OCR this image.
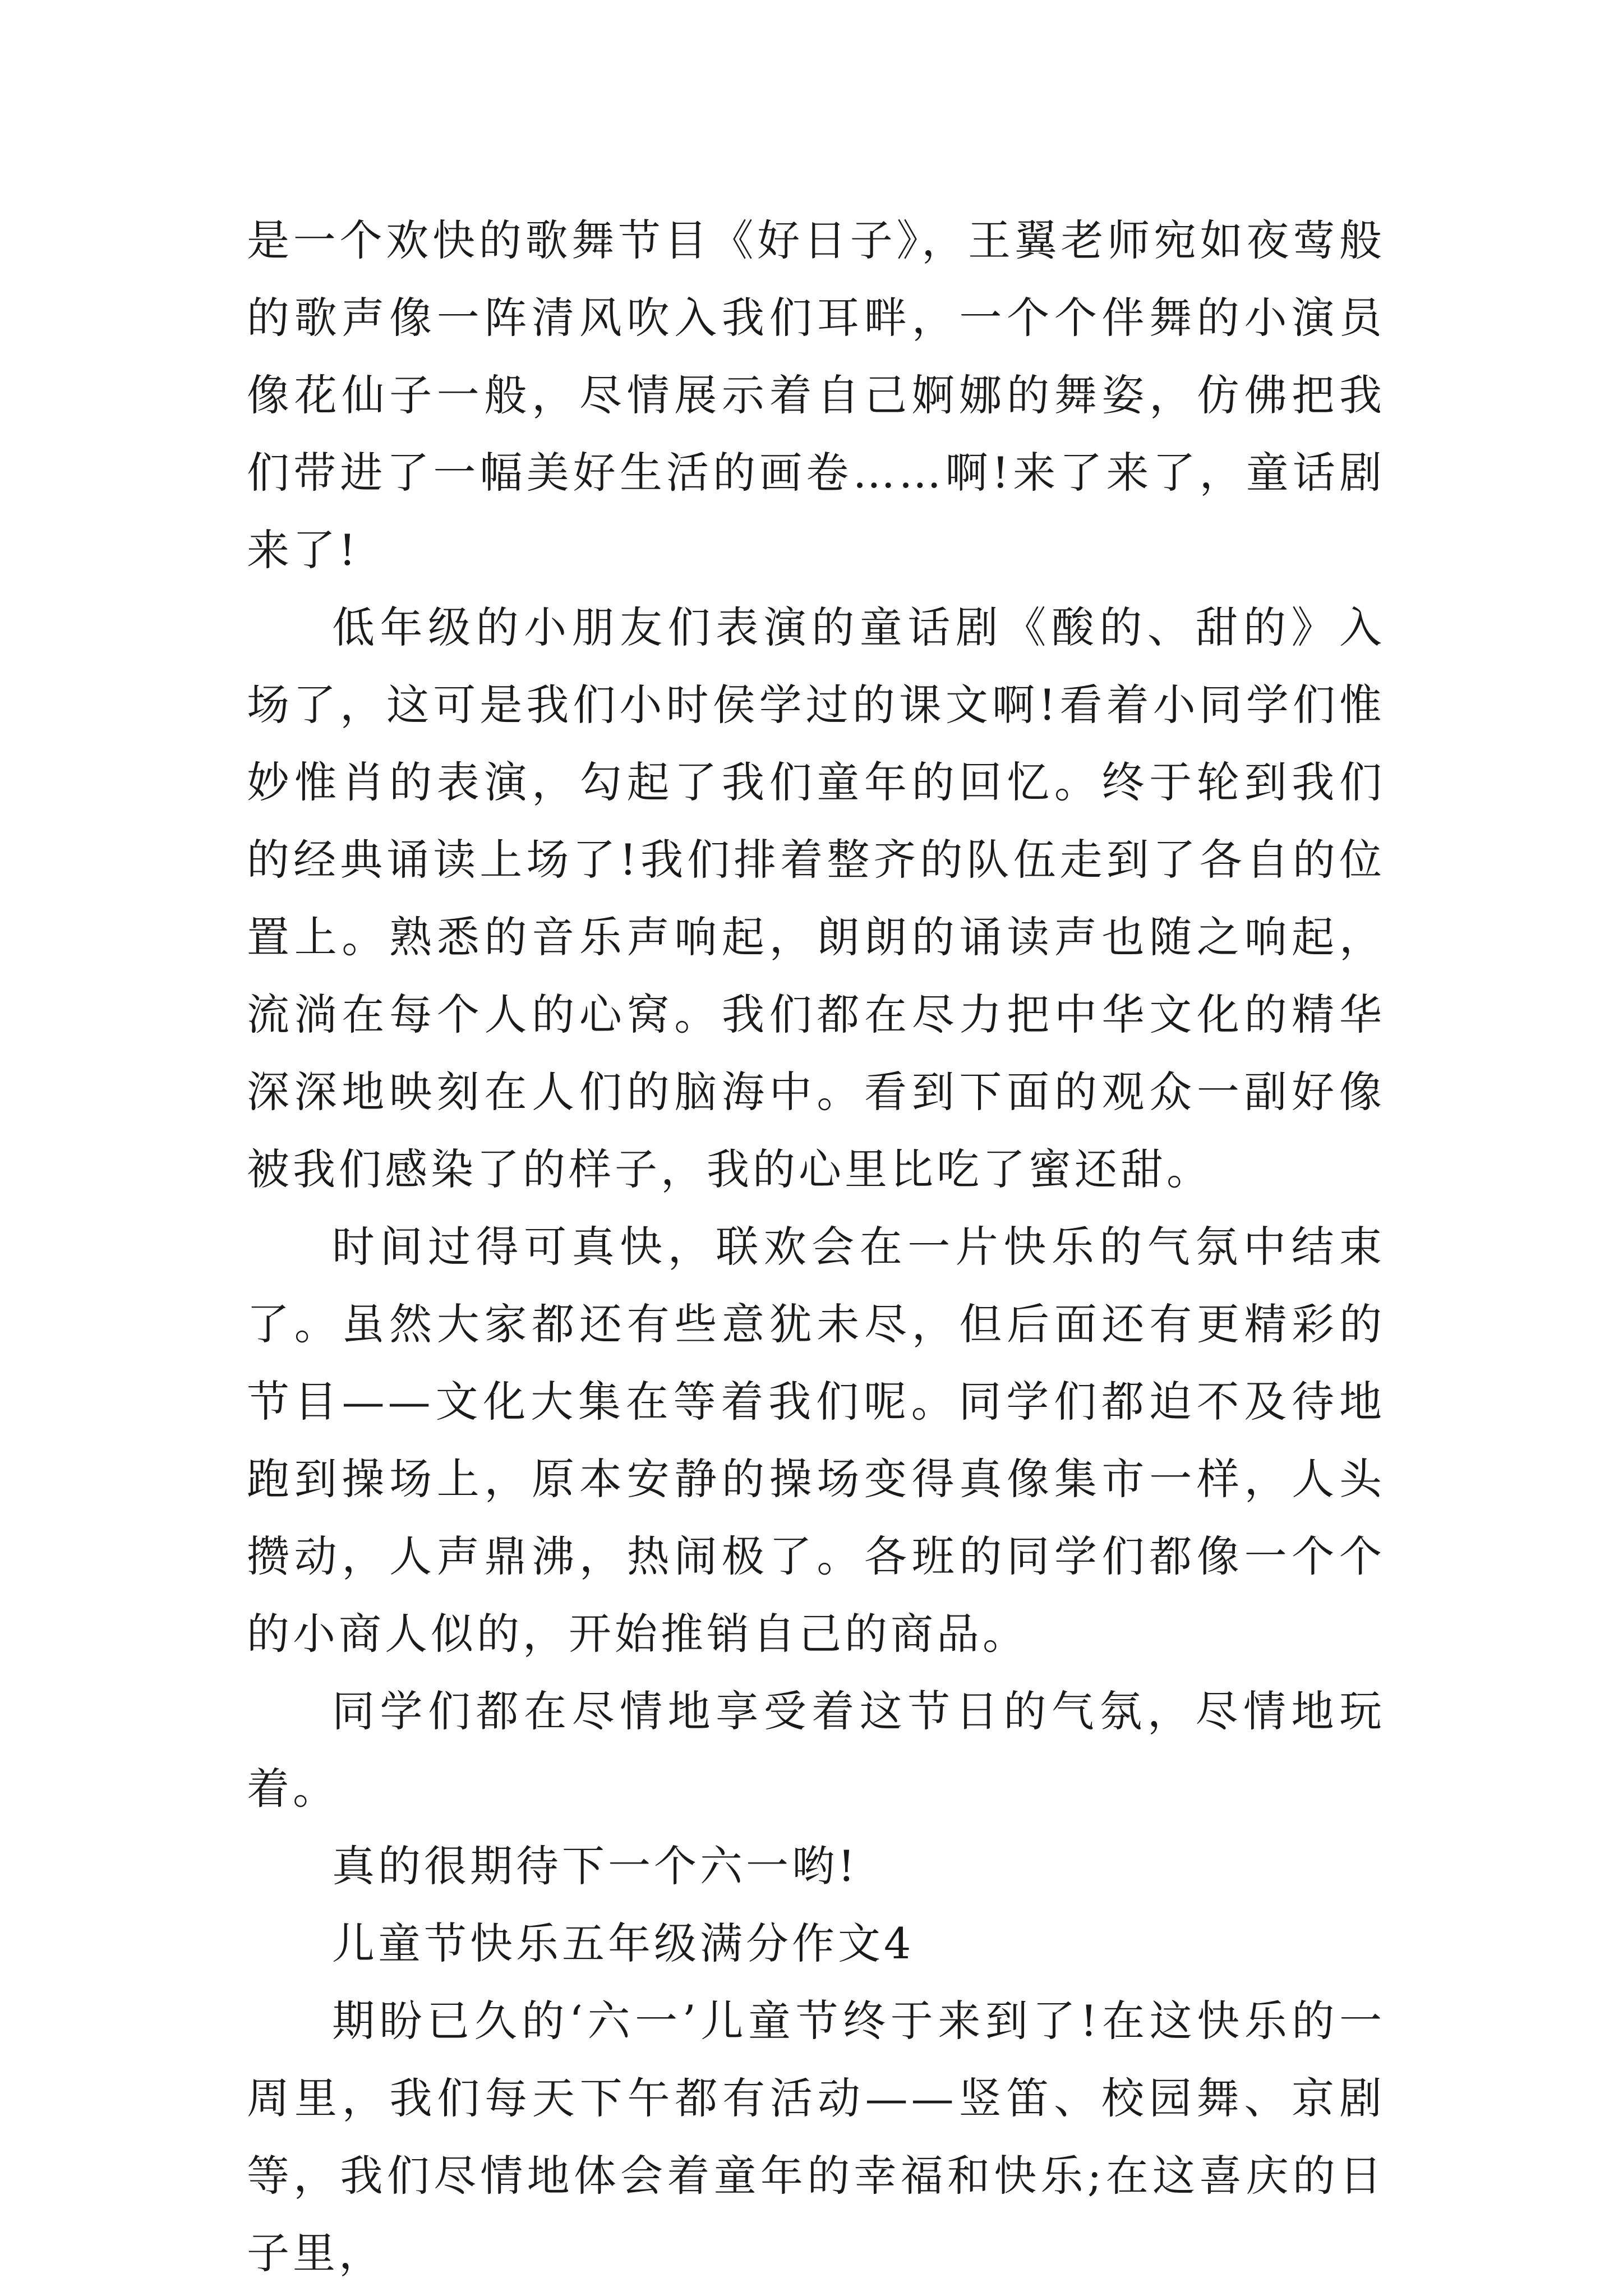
是一个欢快的歌舞节目《好日子》，王翼老师宛如夜莺般的歌声像一阵清风吹入我们耳畔，一个个伴舞的小演员像花仙子一般，尽情展示着自己婀娜的舞姿，仿佛把我们带进了一幅美好生活的画卷……啊!来了来了，童话剧来了!

低年级的小朋友们表演的童话剧《酸的、甜的》入场了，这可是我们小时侯学过的课文啊!看着小同学们惟妙惟肖的表演，勾起了我们童年的回忆。终于轮到我们的经典诵读上场了!我们排着整齐的队伍走到了各自的位置上。熟悉的音乐声响起，朗朗的诵读声也随之响起，流淌在每个人的心窝。我们都在尽力把中华文化的精华深深地映刻在人们的脑海中。看到下面的观众一副好像被我们感染了的样子，我的心里比吃了蜜还甜。

时间过得可真快，联欢会在一片快乐的气氛中结束了。虽然大家都还有些意犹未尽，但后面还有更精彩的节目——文化大集在等着我们呢。同学们都迫不及待地跑到操场上，原本安静的操场变得真像集市一样，人头攒动，人声鼎沸，热闹极了。各班的同学们都像一个个的小商人似的，开始推销自己的商品。

同学们都在尽情地享受着这节日的气氛，尽情地玩着。

真的很期待下一个六一哟!

儿童节快乐五年级满分作文4

期盼已久的‘六一’儿童节终于来到了!在这快乐的一周里，我们每天下午都有活动——竖笛、校园舞、京剧等，我们尽情地体会着童年的幸福和快乐;在这喜庆的日子里，
